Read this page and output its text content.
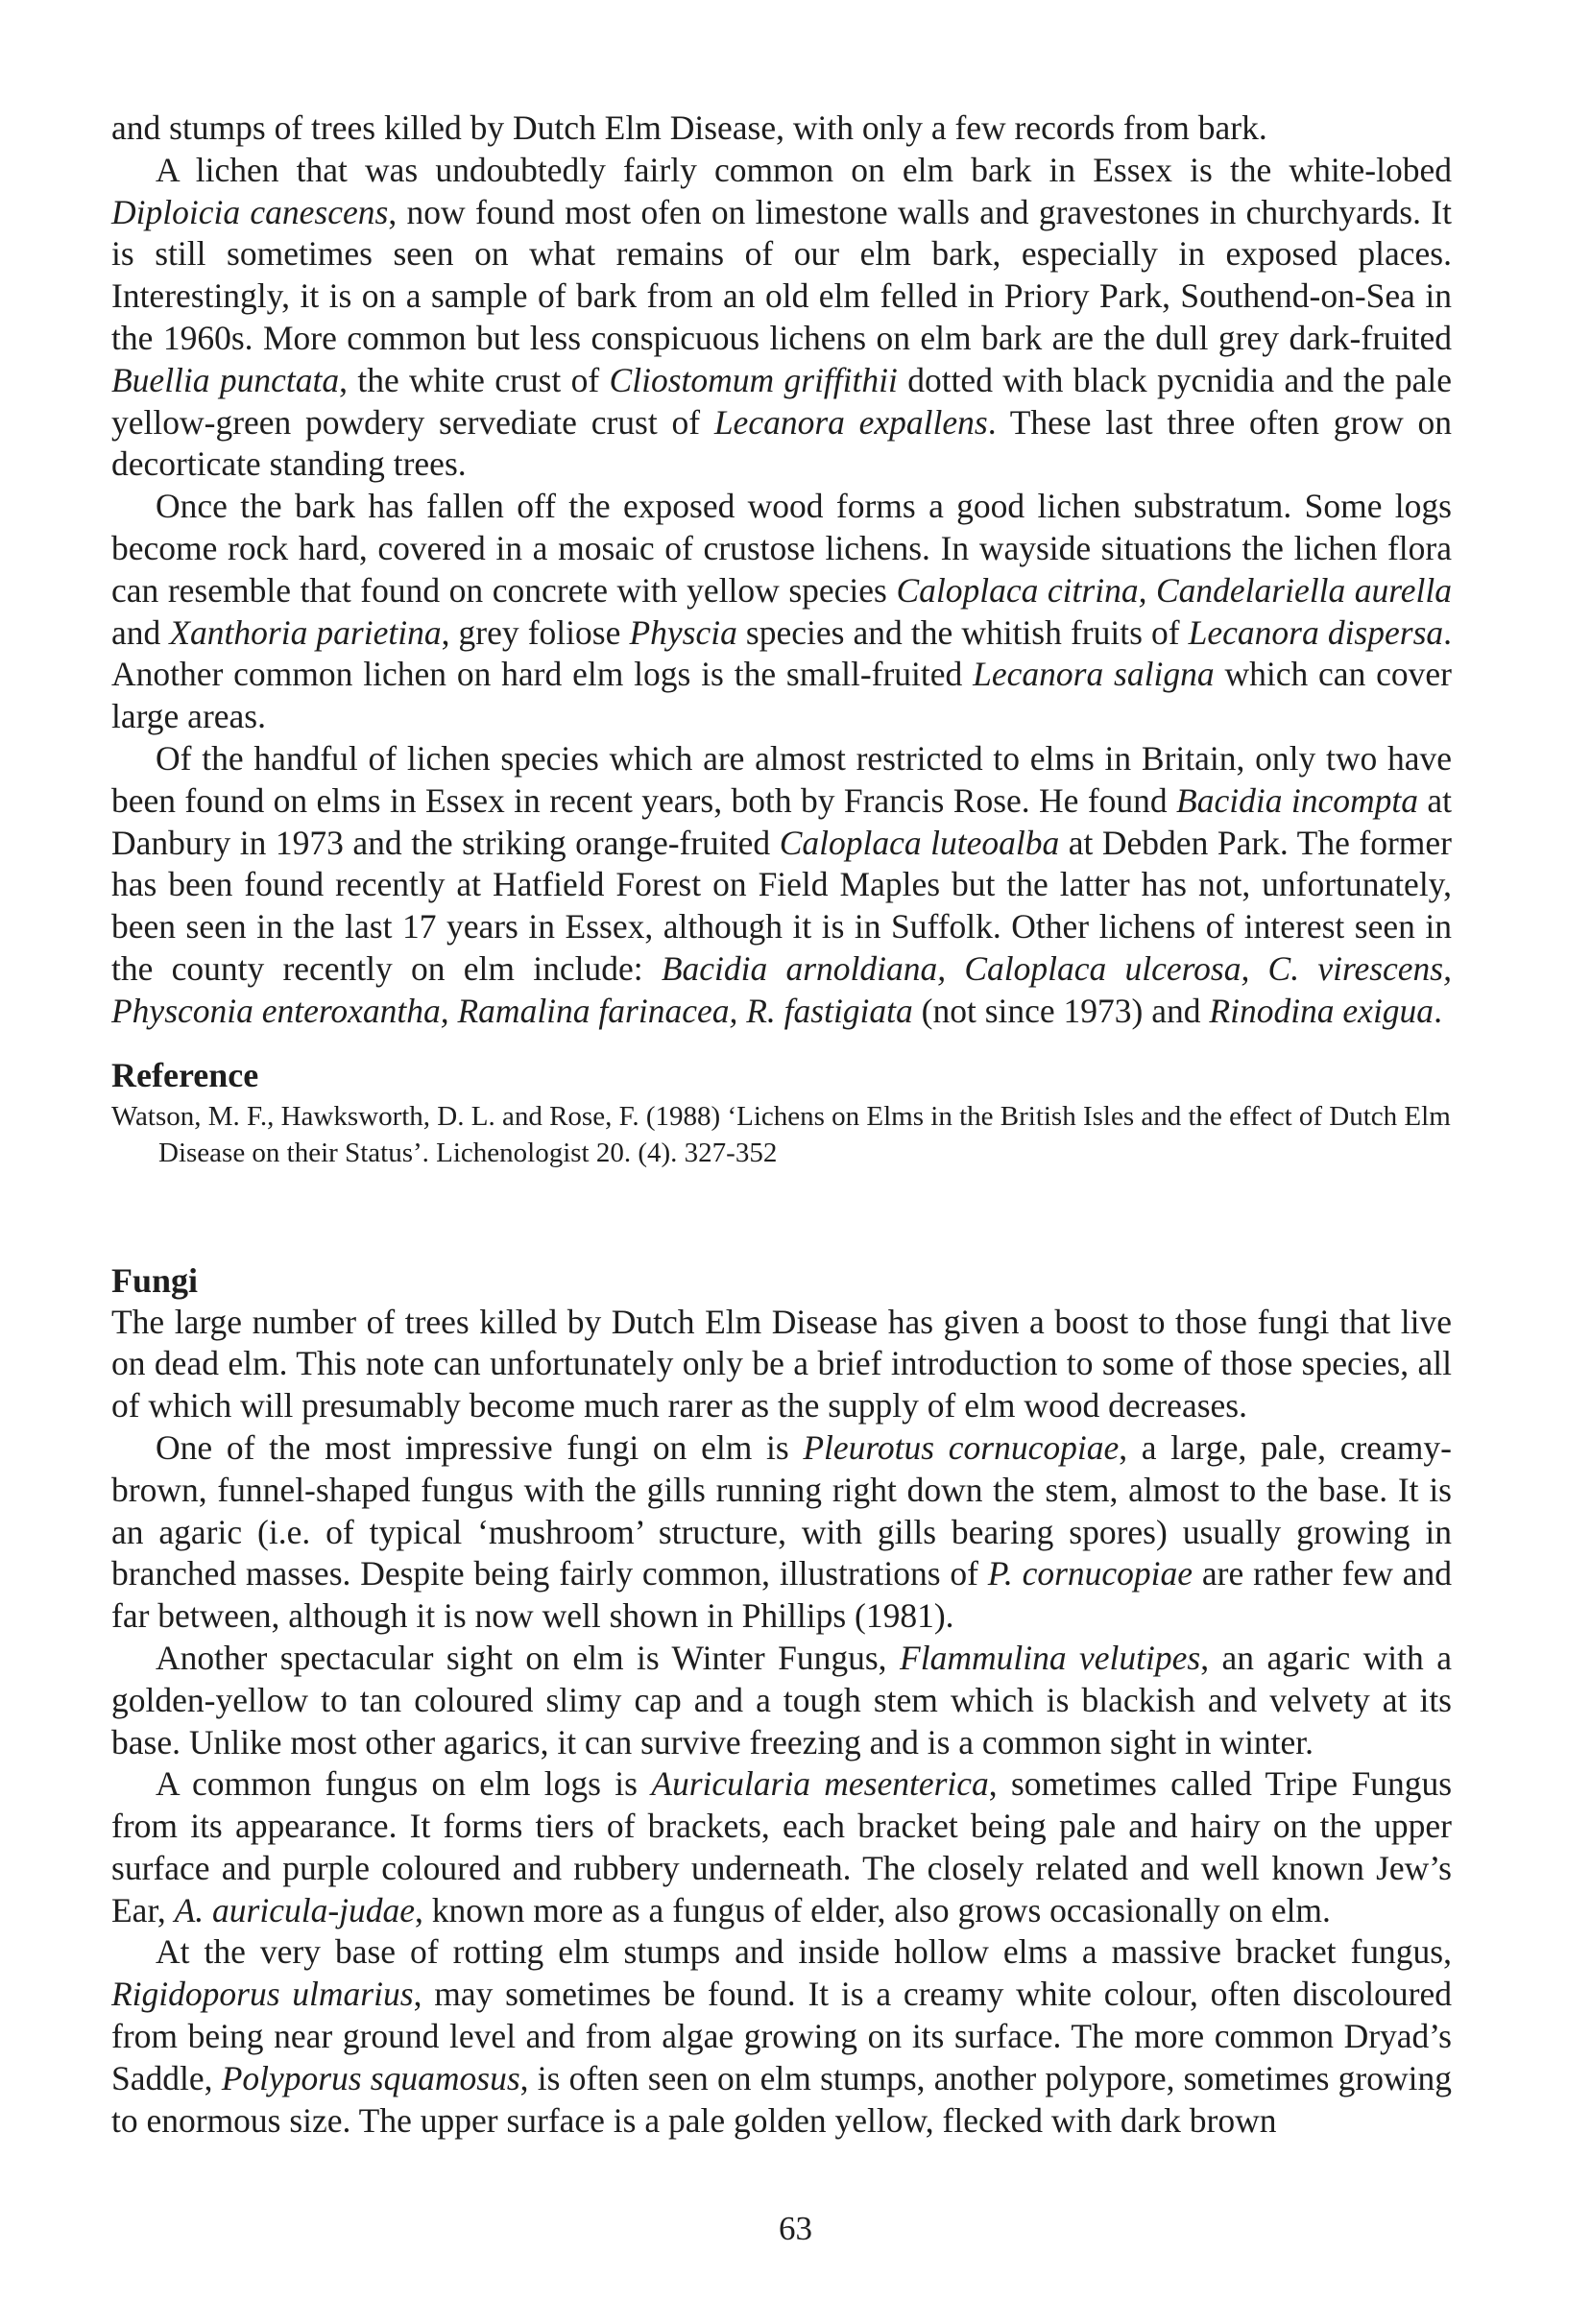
and stumps of trees killed by Dutch Elm Disease, with only a few records from bark.

A lichen that was undoubtedly fairly common on elm bark in Essex is the white-lobed Diploicia canescens, now found most ofen on limestone walls and gravestones in churchyards. It is still sometimes seen on what remains of our elm bark, especially in exposed places. Interestingly, it is on a sample of bark from an old elm felled in Priory Park, Southend-on-Sea in the 1960s. More common but less conspicuous lichens on elm bark are the dull grey dark-fruited Buellia punctata, the white crust of Cliostomum griffithii dotted with black pycnidia and the pale yellow-green powdery servediate crust of Lecanora expallens. These last three often grow on decorticate standing trees.

Once the bark has fallen off the exposed wood forms a good lichen substratum. Some logs become rock hard, covered in a mosaic of crustose lichens. In wayside situations the lichen flora can resemble that found on concrete with yellow species Caloplaca citrina, Candelariella aurella and Xanthoria parietina, grey foliose Physcia species and the whitish fruits of Lecanora dispersa. Another common lichen on hard elm logs is the small-fruited Lecanora saligna which can cover large areas.

Of the handful of lichen species which are almost restricted to elms in Britain, only two have been found on elms in Essex in recent years, both by Francis Rose. He found Bacidia incompta at Danbury in 1973 and the striking orange-fruited Caloplaca luteoalba at Debden Park. The former has been found recently at Hatfield Forest on Field Maples but the latter has not, unfortunately, been seen in the last 17 years in Essex, although it is in Suffolk. Other lichens of interest seen in the county recently on elm include: Bacidia arnoldiana, Caloplaca ulcerosa, C. virescens, Physconia enteroxantha, Ramalina farinacea, R. fastigiata (not since 1973) and Rinodina exigua.

Reference

Watson, M. F., Hawksworth, D. L. and Rose, F. (1988) ‘Lichens on Elms in the British Isles and the effect of Dutch Elm Disease on their Status’. Lichenologist 20. (4). 327-352

Fungi

The large number of trees killed by Dutch Elm Disease has given a boost to those fungi that live on dead elm. This note can unfortunately only be a brief introduction to some of those species, all of which will presumably become much rarer as the supply of elm wood decreases.

One of the most impressive fungi on elm is Pleurotus cornucopiae, a large, pale, creamy-brown, funnel-shaped fungus with the gills running right down the stem, almost to the base. It is an agaric (i.e. of typical ‘mushroom’ structure, with gills bearing spores) usually growing in branched masses. Despite being fairly common, illustrations of P. cornucopiae are rather few and far between, although it is now well shown in Phillips (1981).

Another spectacular sight on elm is Winter Fungus, Flammulina velutipes, an agaric with a golden-yellow to tan coloured slimy cap and a tough stem which is blackish and velvety at its base. Unlike most other agarics, it can survive freezing and is a common sight in winter.

A common fungus on elm logs is Auricularia mesenterica, sometimes called Tripe Fungus from its appearance. It forms tiers of brackets, each bracket being pale and hairy on the upper surface and purple coloured and rubbery underneath. The closely related and well known Jew’s Ear, A. auricula-judae, known more as a fungus of elder, also grows occasionally on elm.

At the very base of rotting elm stumps and inside hollow elms a massive bracket fungus, Rigidoporus ulmarius, may sometimes be found. It is a creamy white colour, often discoloured from being near ground level and from algae growing on its surface. The more common Dryad’s Saddle, Polyporus squamosus, is often seen on elm stumps, another polypore, sometimes growing to enormous size. The upper surface is a pale golden yellow, flecked with dark brown

63
